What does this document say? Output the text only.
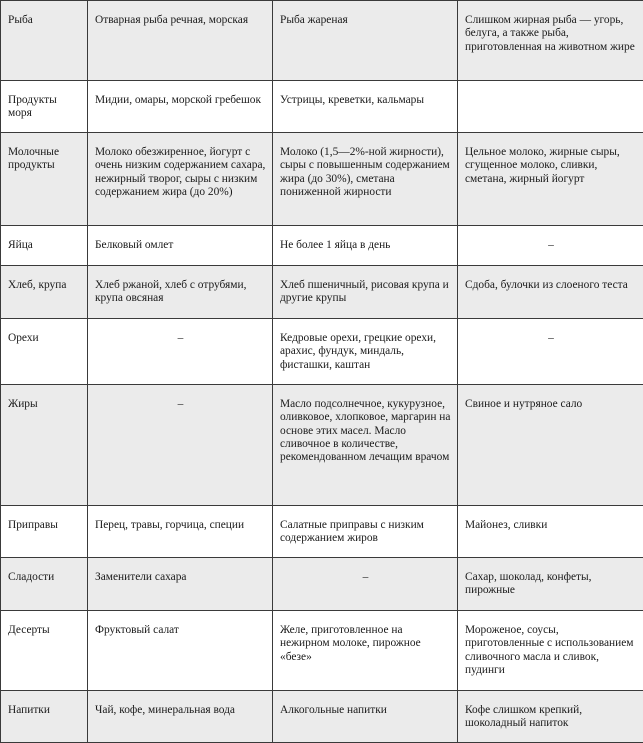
Рыба	Отварная рыба речная, морская	Рыба жареная	Слишком жирная рыба — угорь, белуга, а также рыба, приготовленная на животном жире
Продукты моря	Мидии, омары, морской гребешок	Устрицы, креветки, кальмары	
Молочные продукты	Молоко обезжиренное, йогурт с очень низким содержанием сахара, нежирный творог, сыры с низким содержанием жира (до 20%)	Молоко (1,5—2%-ной жирности), сыры с повышенным содержанием жира (до 30%), сметана пониженной жирности	Цельное молоко, жирные сыры, сгущенное молоко, сливки, сметана, жирный йогурт
Яйца	Белковый омлет	Не более 1 яйца в день	–
Хлеб, крупа	Хлеб ржаной, хлеб с отрубями, крупа овсяная	Хлеб пшеничный, рисовая крупа и другие крупы	Сдоба, булочки из слоеного теста
Орехи	–	Кедровые орехи, грецкие орехи, арахис, фундук, миндаль, фисташки, каштан	–
Жиры	–	Масло подсолнечное, кукурузное, оливковое, хлопковое, маргарин на основе этих масел. Масло сливочное в количестве, рекомендованном лечащим врачом	Свиное и нутряное сало
Приправы	Перец, травы, горчица, специи	Салатные приправы с низким содержанием жиров	Майонез, сливки
Сладости	Заменители сахара	–	Сахар, шоколад, конфеты, пирожные
Десерты	Фруктовый салат	Желе, приготовленное на нежирном молоке, пирожное «безе»	Мороженое, соусы, приготовленные с использованием сливочного масла и сливок, пудинги
Напитки	Чай, кофе, минеральная вода	Алкогольные напитки	Кофе слишком крепкий, шоколадный напиток
